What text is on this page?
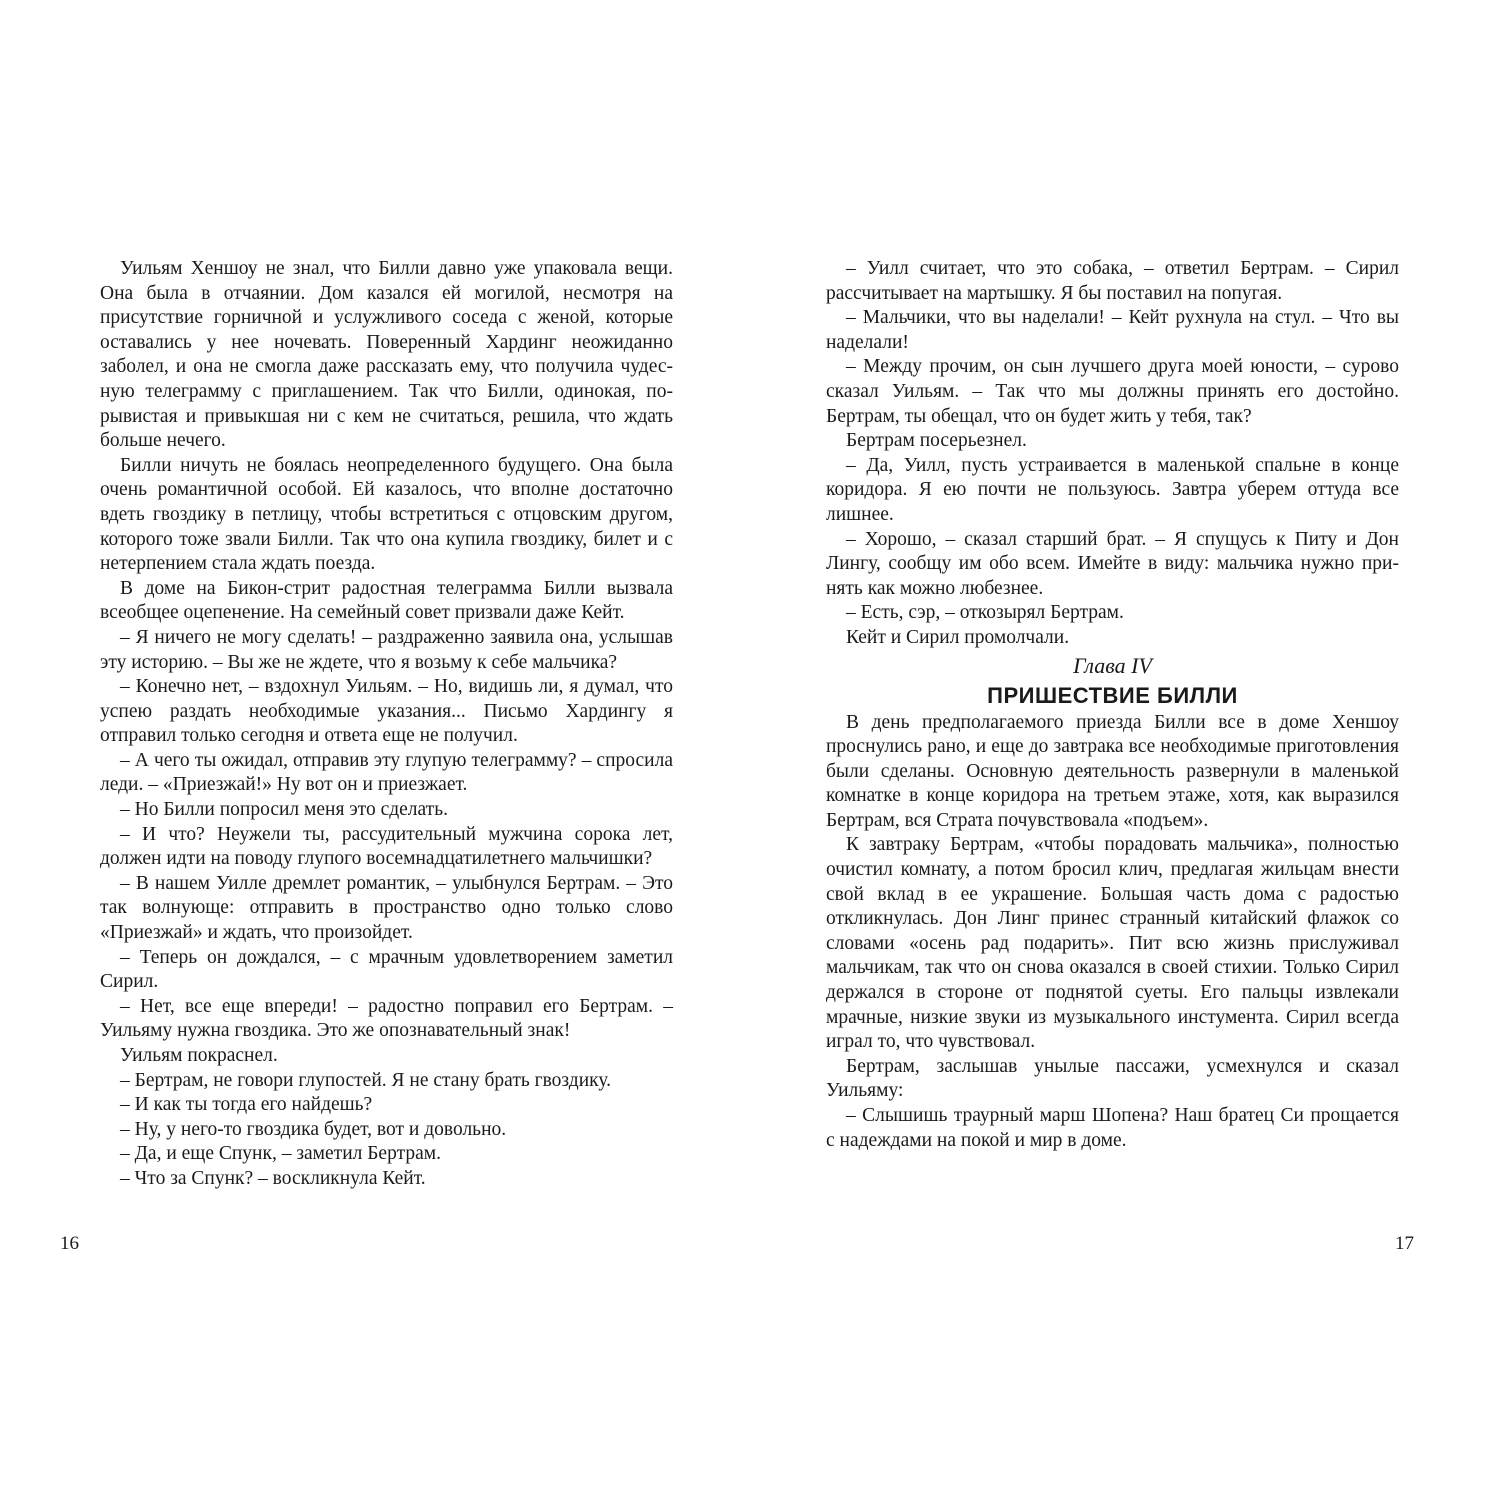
Уильям Хеншоу не знал, что Билли давно уже упаковала вещи. Она была в отчаянии. Дом казался ей могилой, несмотря на присутствие горничной и услужливого соседа с женой, которые оставались у нее ночевать. Поверенный Хардинг неожиданно заболел, и она не смогла даже рассказать ему, что получила чудесную телеграмму с приглашением. Так что Билли, одинокая, порывистая и привыкшая ни с кем не считаться, решила, что ждать больше нечего.

Билли ничуть не боялась неопределенного будущего. Она была очень романтичной особой. Ей казалось, что вполне достаточно вдеть гвоздику в петлицу, чтобы встретиться с отцовским другом, которого тоже звали Билли. Так что она купила гвоздику, билет и с нетерпением стала ждать поезда.

В доме на Бикон-стрит радостная телеграмма Билли вызвала всеобщее оцепенение. На семейный совет призвали даже Кейт.

– Я ничего не могу сделать! – раздраженно заявила она, услышав эту историю. – Вы же не ждете, что я возьму к себе мальчика?

– Конечно нет, – вздохнул Уильям. – Но, видишь ли, я думал, что успею раздать необходимые указания... Письмо Хардингу я отправил только сегодня и ответа еще не получил.

– А чего ты ожидал, отправив эту глупую телеграмму? – спросила леди. – «Приезжай!» Ну вот он и приезжает.

– Но Билли попросил меня это сделать.

– И что? Неужели ты, рассудительный мужчина сорока лет, должен идти на поводу глупого восемнадцатилетнего мальчишки?

– В нашем Уилле дремлет романтик, – улыбнулся Бертрам. – Это так волнующе: отправить в пространство одно только слово «Приезжай» и ждать, что произойдет.

– Теперь он дождался, – с мрачным удовлетворением заметил Сирил.

– Нет, все еще впереди! – радостно поправил его Бертрам. – Уильяму нужна гвоздика. Это же опознавательный знак!

Уильям покраснел.

– Бертрам, не говори глупостей. Я не стану брать гвоздику.

– И как ты тогда его найдешь?

– Ну, у него-то гвоздика будет, вот и довольно.

– Да, и еще Спунк, – заметил Бертрам.

– Что за Спунк? – воскликнула Кейт.

– Уилл считает, что это собака, – ответил Бертрам. – Сирил рассчитывает на мартышку. Я бы поставил на попугая.

– Мальчики, что вы наделали! – Кейт рухнула на стул. – Что вы наделали!

– Между прочим, он сын лучшего друга моей юности, – сурово сказал Уильям. – Так что мы должны принять его достойно. Бертрам, ты обещал, что он будет жить у тебя, так?

Бертрам посерьезнел.

– Да, Уилл, пусть устраивается в маленькой спальне в конце коридора. Я ею почти не пользуюсь. Завтра уберем оттуда все лишнее.

– Хорошо, – сказал старший брат. – Я спущусь к Питу и Дон Лингу, сообщу им обо всем. Имейте в виду: мальчика нужно принять как можно любезнее.

– Есть, сэр, – откозырял Бертрам.

Кейт и Сирил промолчали.

Глава IV

ПРИШЕСТВИЕ БИЛЛИ

В день предполагаемого приезда Билли все в доме Хеншоу проснулись рано, и еще до завтрака все необходимые приготовления были сделаны. Основную деятельность развернули в маленькой комнатке в конце коридора на третьем этаже, хотя, как выразился Бертрам, вся Страта почувствовала «подъем».

К завтраку Бертрам, «чтобы порадовать мальчика», полностью очистил комнату, а потом бросил клич, предлагая жильцам внести свой вклад в ее украшение. Большая часть дома с радостью откликнулась. Дон Линг принес странный китайский флажок со словами «осень рад подарить». Пит всю жизнь прислуживал мальчикам, так что он снова оказался в своей стихии. Только Сирил держался в стороне от поднятой суеты. Его пальцы извлекали мрачные, низкие звуки из музыкального инстумента. Сирил всегда играл то, что чувствовал.

Бертрам, заслышав унылые пассажи, усмехнулся и сказал Уильяму:

– Слышишь траурный марш Шопена? Наш братец Си прощается с надеждами на покой и мир в доме.

16	17
